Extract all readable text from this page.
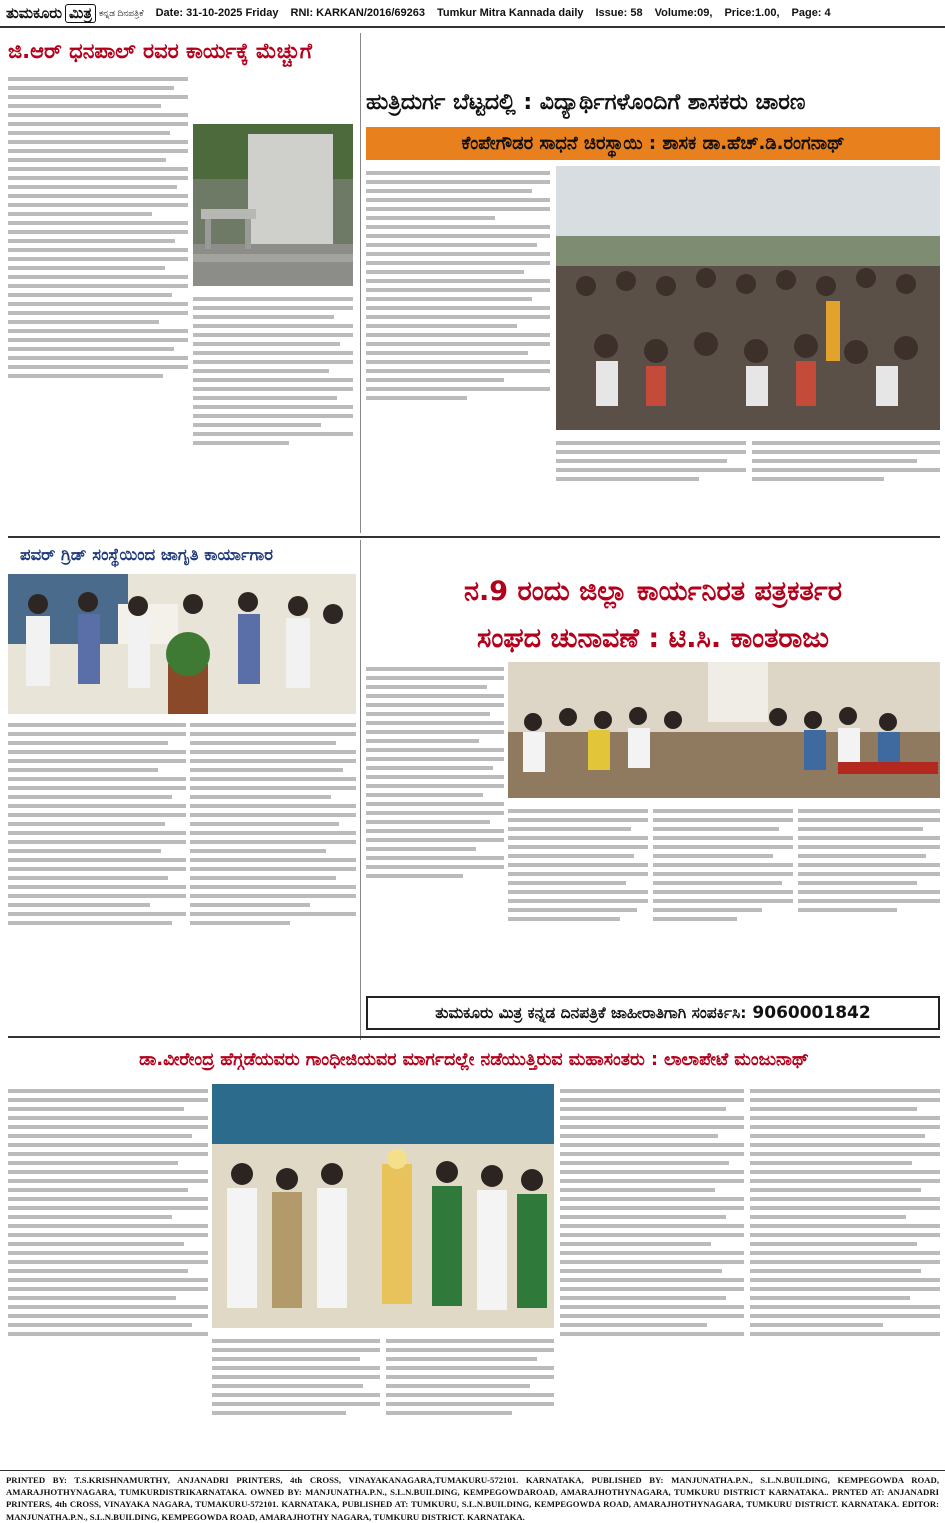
ತುಮಕೂರು ಮಿತ್ರ ಕನ್ನಡ ದಿನಪತ್ರಿಕೆ Date: 31-10-2025 Friday RNI: KARKAN/2016/69263 Tumkur Mitra Kannada daily Issue: 58 Volume:09, Price:1.00, Page: 4
ಜಿ.ಆರ್ ಧನಪಾಲ್ ರವರ ಕಾರ್ಯಕ್ಕೆ ಮೆಚ್ಚುಗೆ
ಹುತ್ರಿದುರ್ಗ ಬೆಟ್ಟದಲ್ಲಿ : ವಿದ್ಯಾರ್ಥಿಗಳೊಂದಿಗೆ ಶಾಸಕರು ಚಾರಣ
ಕೆಂಪೇಗೌಡರ ಸಾಧನೆ ಚಿರಸ್ಥಾಯಿ : ಶಾಸಕ ಡಾ.ಹೆಚ್.ಡಿ.ರಂಗನಾಥ್
ಪವರ್ ಗ್ರಿಡ್ ಸಂಸ್ಥೆಯಿಂದ ಜಾಗೃತಿ ಕಾರ್ಯಾಗಾರ
ನ.9 ರಂದು ಜಿಲ್ಲಾ ಕಾರ್ಯನಿರತ ಪತ್ರಕರ್ತರ
ಸಂಘದ ಚುನಾವಣೆ : ಟಿ.ಸಿ. ಕಾಂತರಾಜು
ತುಮಕೂರು ಮಿತ್ರ ಕನ್ನಡ ದಿನಪತ್ರಿಕೆ ಜಾಹೀರಾತಿಗಾಗಿ ಸಂಪರ್ಕಿಸಿ: 9060001842
ಡಾ.ವೀರೇಂದ್ರ ಹೆಗ್ಗಡೆಯವರು ಗಾಂಧೀಜಿಯವರ ಮಾರ್ಗದಲ್ಲೇ ನಡೆಯುತ್ತಿರುವ ಮಹಾಸಂತರು : ಲಾಲಾಪೇಟೆ ಮಂಜುನಾಥ್
PRINTED BY: T.S.KRISHNAMURTHY, ANJANADRI PRINTERS, 4th CROSS, VINAYAKANAGARA,TUMAKURU-572101. KARNATAKA, PUBLISHED BY: MANJUNATHA.P.N., S.L.N.BUILDING, KEMPEGOWDA ROAD, AMARAJHOTHYNAGARA, TUMKURDISTRIKARNATAKA. OWNED BY: MANJUNATHA.P.N., S.L.N.BUILDING, KEMPEGOWDAROAD, AMARAJHOTHYNAGARA, TUMKURU DISTRICT KARNATAKA.. PRNTED AT: ANJANADRI PRINTERS, 4th CROSS, VINAYAKA NAGARA, TUMAKURU-572101. KARNATAKA, PUBLISHED AT: TUMKURU, S.L.N.BUILDING, KEMPEGOWDA ROAD, AMARAJHOTHYNAGARA, TUMKURU DISTRICT. KARNATAKA. EDITOR: MANJUNATHA.P.N., S.L.N.BUILDING, KEMPEGOWDA ROAD, AMARAJHOTHY NAGARA, TUMKURU DISTRICT. KARNATAKA.
